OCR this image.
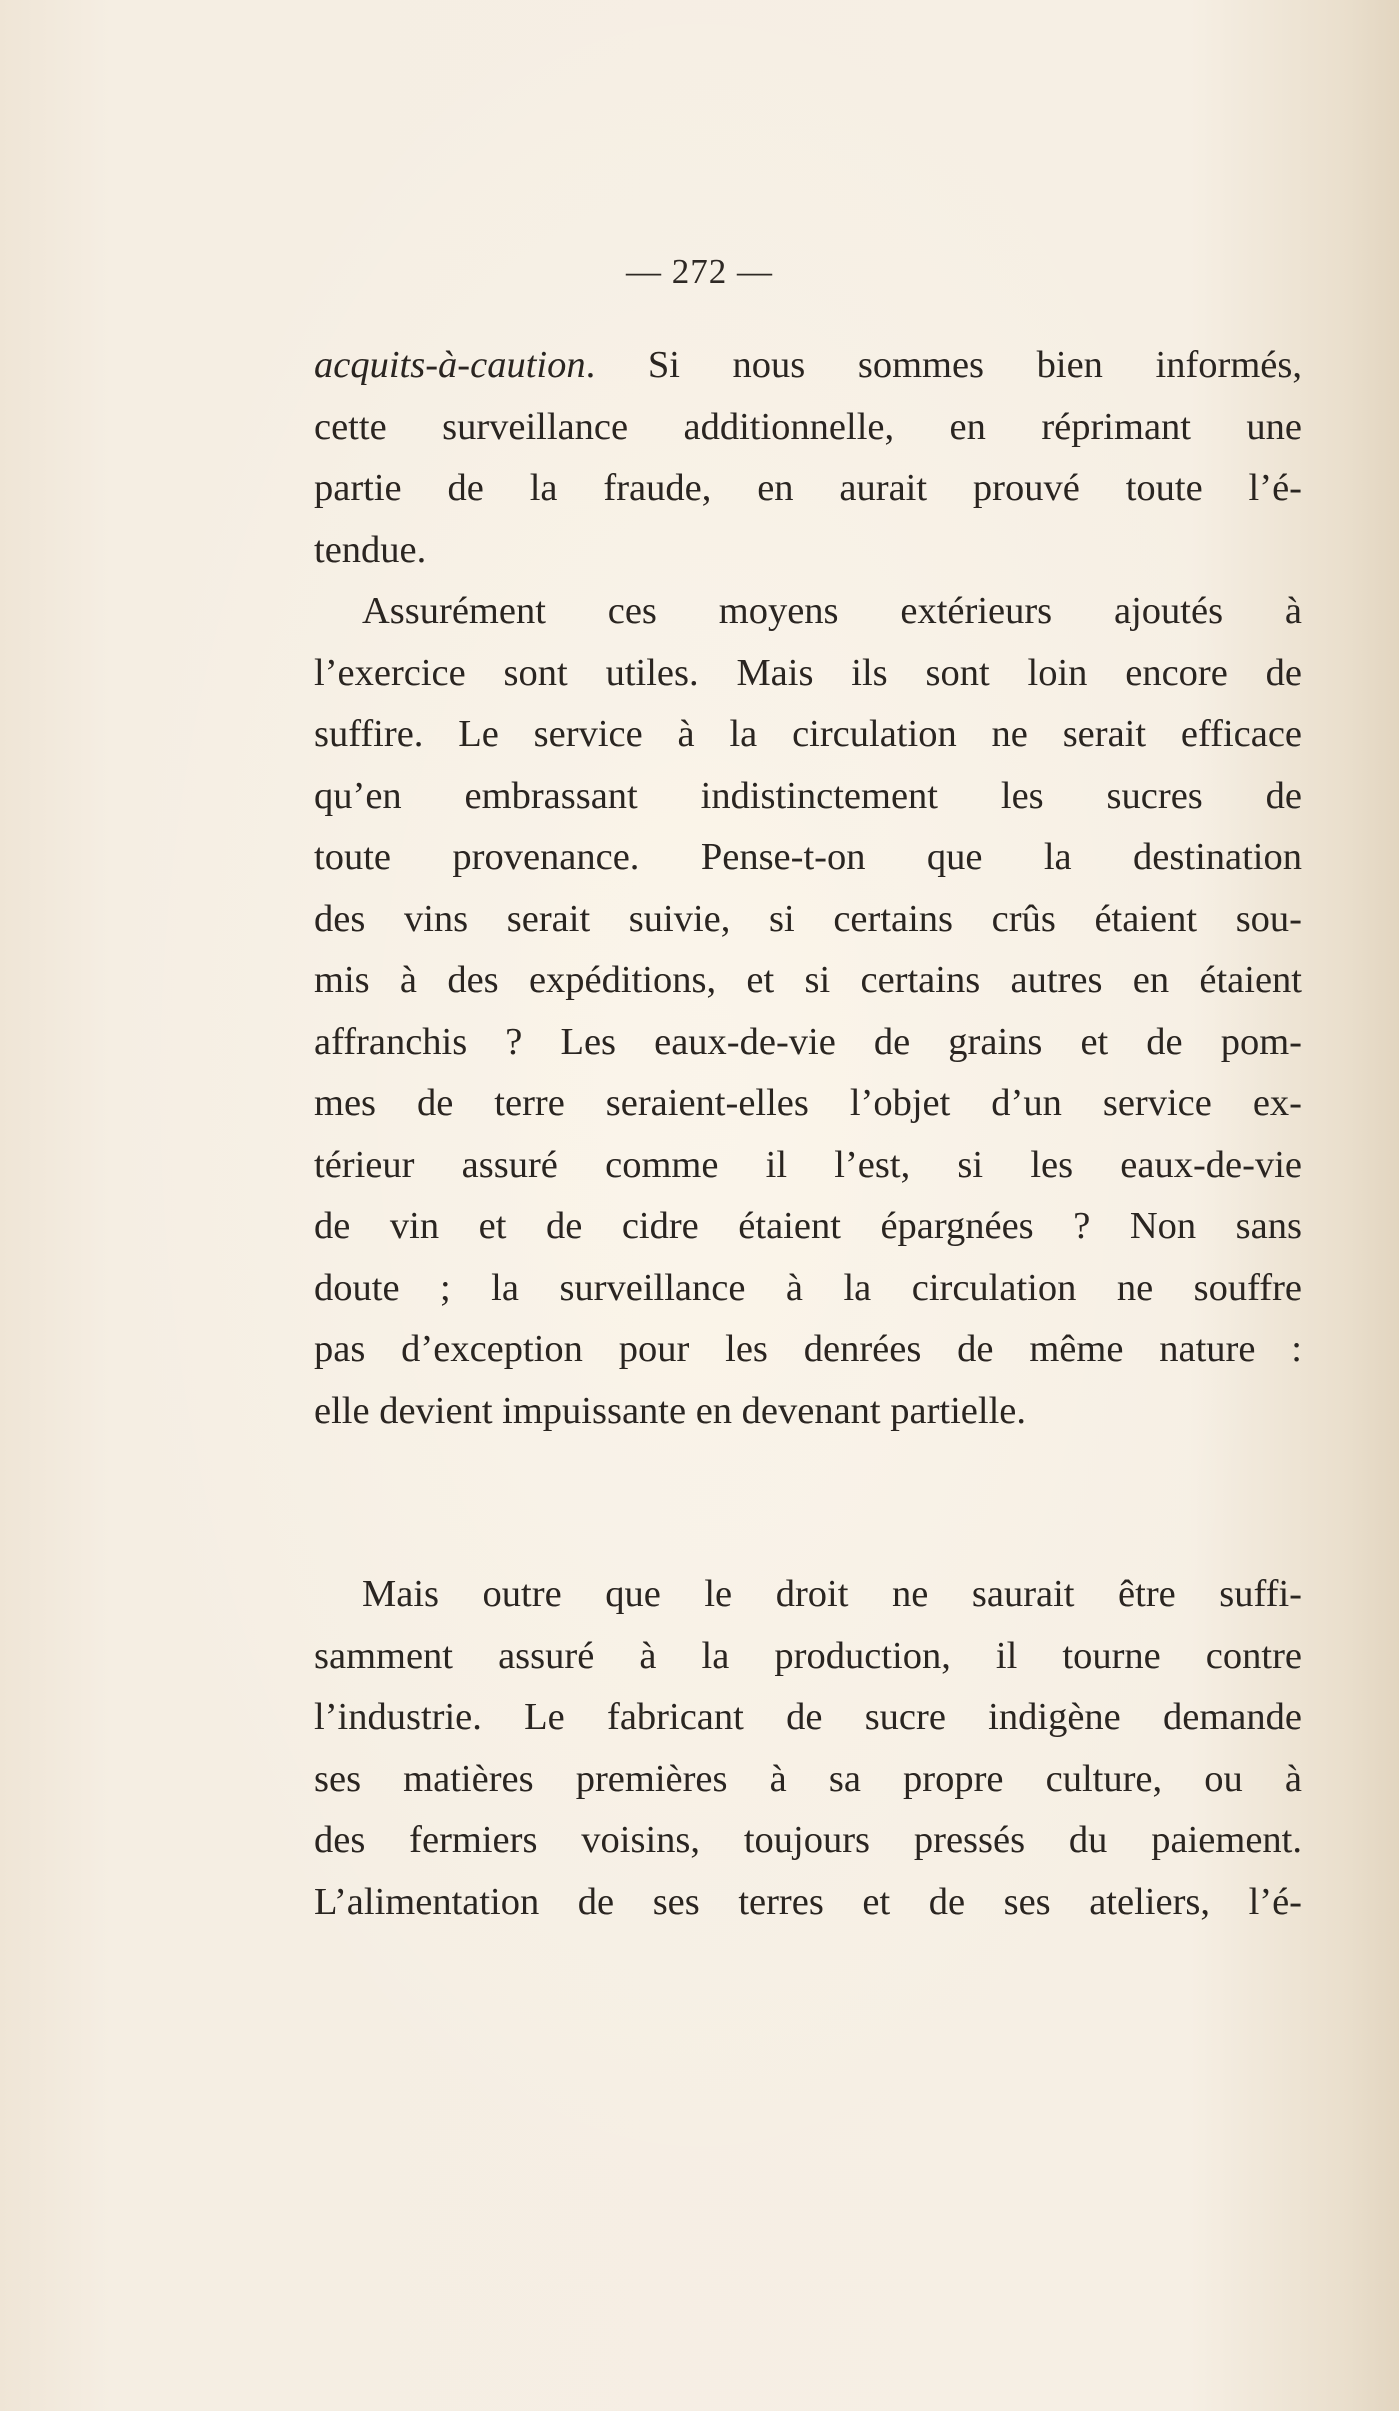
— 272 —
acquits-à-caution. Si nous sommes bien informés,
cette surveillance additionnelle, en réprimant une
partie de la fraude, en aurait prouvé toute l’é-
tendue.
Assurément ces moyens extérieurs ajoutés à
l’exercice sont utiles. Mais ils sont loin encore de
suffire. Le service à la circulation ne serait efficace
qu’en embrassant indistinctement les sucres de
toute provenance. Pense-t-on que la destination
des vins serait suivie, si certains crûs étaient sou-
mis à des expéditions, et si certains autres en étaient
affranchis ? Les eaux-de-vie de grains et de pom-
mes de terre seraient-elles l’objet d’un service ex-
térieur assuré comme il l’est, si les eaux-de-vie
de vin et de cidre étaient épargnées ? Non sans
doute ; la surveillance à la circulation ne souffre
pas d’exception pour les denrées de même nature :
elle devient impuissante en devenant partielle.
Mais outre que le droit ne saurait être suffi-
samment assuré à la production, il tourne contre
l’industrie. Le fabricant de sucre indigène demande
ses matières premières à sa propre culture, ou à
des fermiers voisins, toujours pressés du paiement.
L’alimentation de ses terres et de ses ateliers, l’é-
